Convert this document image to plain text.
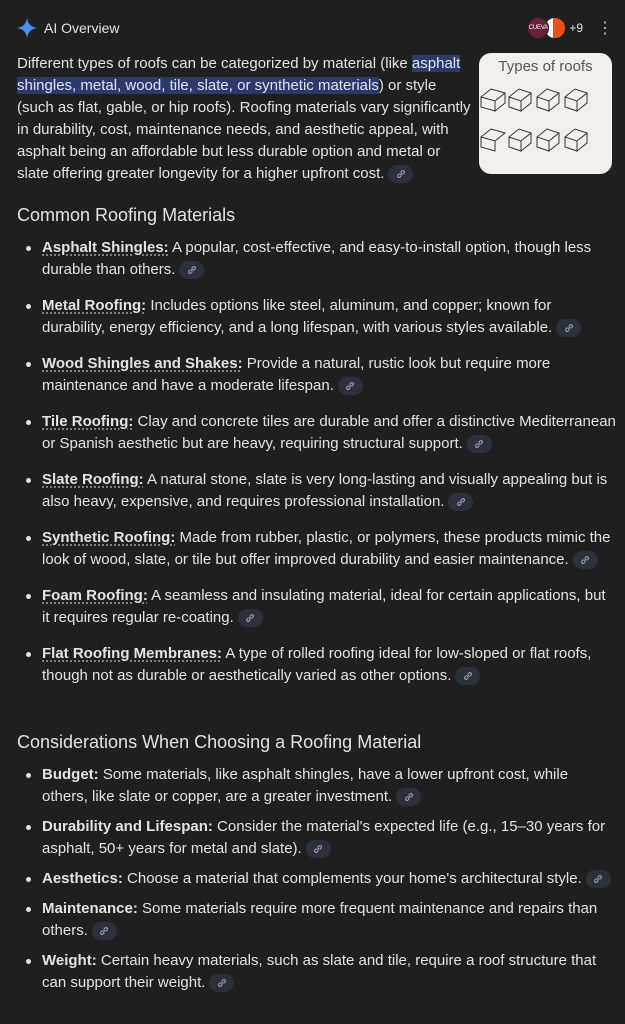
AI Overview	CUEVA +9 ⋮

Different types of roofs can be categorized by material (like asphalt shingles, metal, wood, tile, slate, or synthetic materials) or style (such as flat, gable, or hip roofs). Roofing materials vary significantly in durability, cost, maintenance needs, and aesthetic appeal, with asphalt being an affordable but less durable option and metal or slate offering greater longevity for a higher upfront cost.

Types of roofs
Common Roofing Materials
Asphalt Shingles: A popular, cost-effective, and easy-to-install option, though less durable than others.
Metal Roofing: Includes options like steel, aluminum, and copper; known for durability, energy efficiency, and a long lifespan, with various styles available.
Wood Shingles and Shakes: Provide a natural, rustic look but require more maintenance and have a moderate lifespan.
Tile Roofing: Clay and concrete tiles are durable and offer a distinctive Mediterranean or Spanish aesthetic but are heavy, requiring structural support.
Slate Roofing: A natural stone, slate is very long-lasting and visually appealing but is also heavy, expensive, and requires professional installation.
Synthetic Roofing: Made from rubber, plastic, or polymers, these products mimic the look of wood, slate, or tile but offer improved durability and easier maintenance.
Foam Roofing: A seamless and insulating material, ideal for certain applications, but it requires regular re-coating.
Flat Roofing Membranes: A type of rolled roofing ideal for low-sloped or flat roofs, though not as durable or aesthetically varied as other options.
Considerations When Choosing a Roofing Material
Budget: Some materials, like asphalt shingles, have a lower upfront cost, while others, like slate or copper, are a greater investment.
Durability and Lifespan: Consider the material's expected life (e.g., 15–30 years for asphalt, 50+ years for metal and slate).
Aesthetics: Choose a material that complements your home's architectural style.
Maintenance: Some materials require more frequent maintenance and repairs than others.
Weight: Certain heavy materials, such as slate and tile, require a roof structure that can support their weight.
